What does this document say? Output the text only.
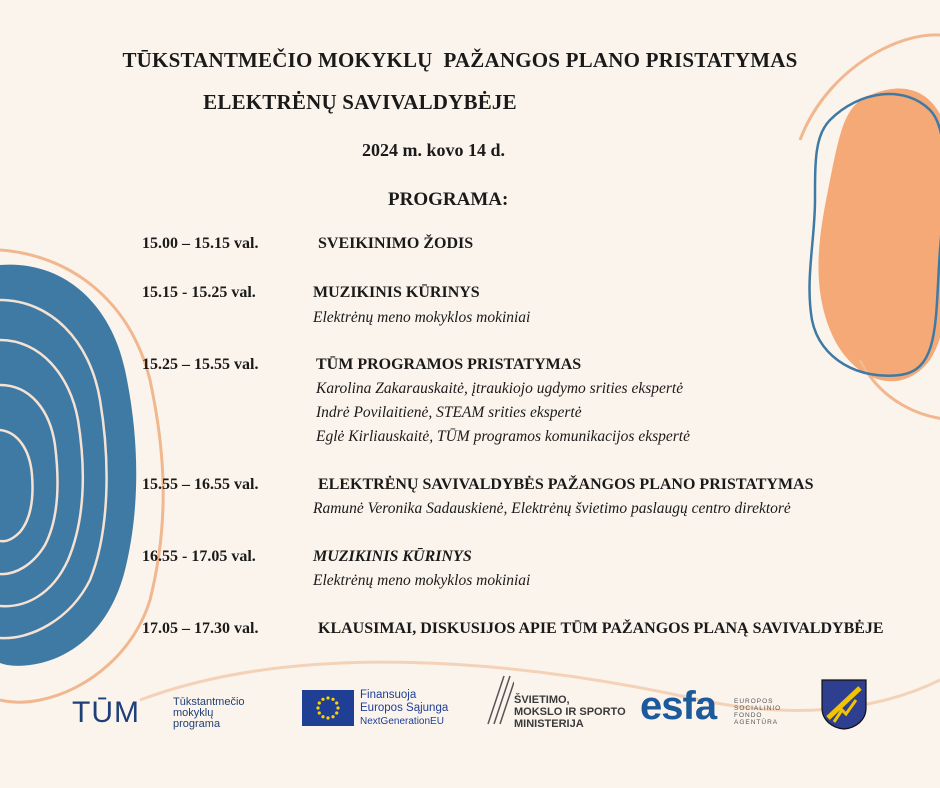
TŪKSTANTMEČIO MOKYKLŲ  PAŽANGOS PLANO PRISTATYMAS
ELEKTRĖNŲ SAVIVALDYBĖJE
2024 m. kovo 14 d.
PROGRAMA:
15.00 – 15.15 val.	SVEIKINIMO ŽODIS
15.15 - 15.25 val.	MUZIKINIS KŪRINYS
Elektrėnų meno mokyklos mokiniai
15.25 – 15.55 val.	TŪM PROGRAMOS PRISTATYMAS
Karolina Zakarauskaitė, įtraukiojo ugdymo srities ekspertė
Indrė Povilaitienė, STEAM srities ekspertė
Eglė Kirliauskaitė, TŪM programos komunikacijos ekspertė
15.55 – 16.55 val.	ELEKTRĖNŲ SAVIVALDYBĖS PAŽANGOS PLANO PRISTATYMAS
Ramunė Veronika Sadauskienė, Elektrėnų švietimo paslaugų centro direktorė
16.55 - 17.05 val.	MUZIKINIS KŪRINYS
Elektrėnų meno mokyklos mokiniai
17.05 – 17.30 val.	KLAUSIMAI, DISKUSIJOS APIE TŪM PAŽANGOS PLANĄ SAVIVALDYBĖJE
TŪM	Tūkstantmečio
mokyklų
programa
Finansuoja
Europos Sąjunga
NextGenerationEU
ŠVIETIMO,
MOKSLO IR SPORTO
MINISTERIJA	esfa	EUROPOS
SOCIALINIO
FONDO
AGENTŪRA
